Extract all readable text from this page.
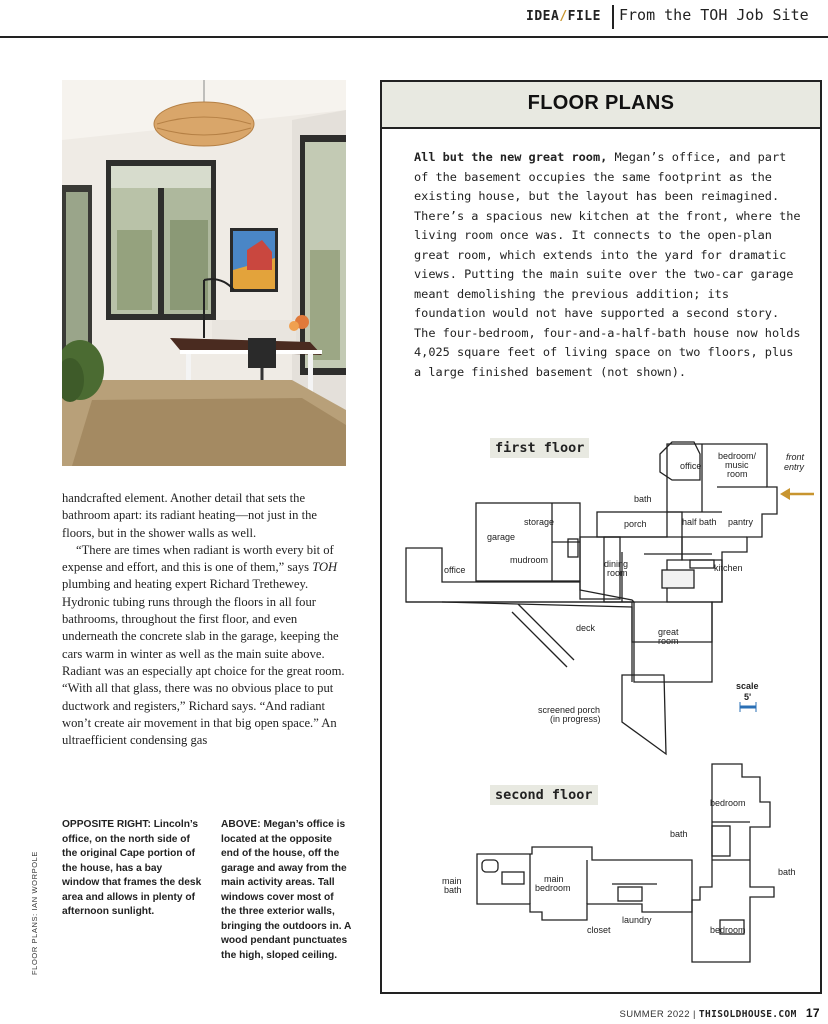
IDEA/FILE From the TOH Job Site

handcrafted element. Another detail that sets the bathroom apart: its radiant heating—not just in the floors, but in the shower walls as well.

“There are times when radiant is worth every bit of expense and effort, and this is one of them,” says TOH plumbing and heating expert Richard Trethewey. Hydronic tubing runs through the floors in all four bathrooms, throughout the first floor, and even underneath the concrete slab in the garage, keeping the cars warm in winter as well as the main suite above. Radiant was an especially apt choice for the great room. “With all that glass, there was no obvious place to put ductwork and registers,” Richard says. “And radiant won’t create air movement in that big open space.” An ultraefficient condensing gas

OPPOSITE RIGHT: Lincoln’s office, on the north side of the original Cape portion of the house, has a bay window that frames the desk area and allows in plenty of afternoon sunlight.
ABOVE: Megan’s office is located at the opposite end of the house, off the garage and away from the main activity areas. Tall windows cover most of the three exterior walls, bringing the outdoors in. A wood pendant punctuates the high, sloped ceiling.
FLOOR PLANS: IAN WORPOLE
FLOOR PLANS
All but the new great room, Megan’s office, and part of the basement occupies the same footprint as the existing house, but the layout has been reimagined. There’s a spacious new kitchen at the front, where the living room once was. It connects to the open-plan great room, which extends into the yard for dramatic views. Putting the main suite over the two-car garage meant demolishing the previous addition; its foundation would not have supported a second story. The four-bedroom, four-and-a-half-bath house now holds 4,025 square feet of living space on two floors, plus a large finished basement (not shown).
office
bedroom/
music
room
front
entry
bath
storage	porch	half bath pantry
garage
mudroom	dining
room	kitchen
office
deck	great
room
scale
5'
screened porch
(in progress)
bedroom
bath
bath
main
bath
main
bedroom
laundry
closet	bedroom
first floor
second floor
SUMMER 2022 | THISOLDHOUSE.COM 17
